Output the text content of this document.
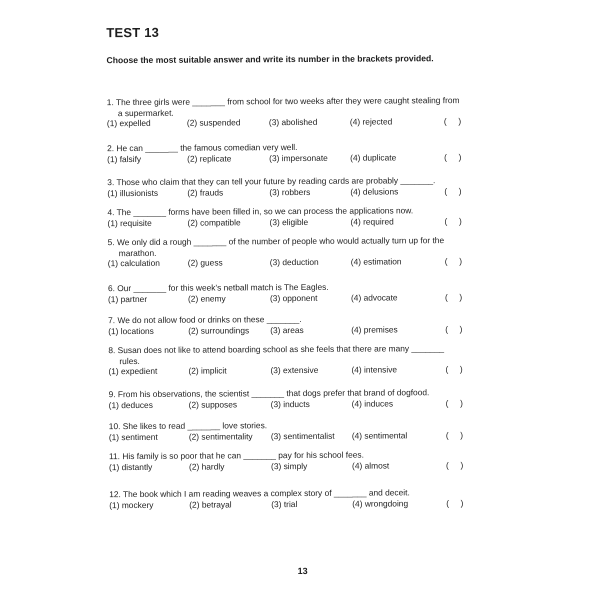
TEST 13
Choose the most suitable answer and write its number in the brackets provided.
1. The three girls were _______ from school for two weeks after they were caught stealing from
a supermarket.
(1) expelled	(2) suspended	(3) abolished	(4) rejected	(     )
2. He can _______ the famous comedian very well.
(1) falsify	(2) replicate	(3) impersonate	(4) duplicate	(     )
3. Those who claim that they can tell your future by reading cards are probably _______.
(1) illusionists	(2) frauds	(3) robbers	(4) delusions	(     )
4. The _______ forms have been filled in, so we can process the applications now.
(1) requisite	(2) compatible	(3) eligible	(4) required	(     )
5. We only did a rough _______ of the number of people who would actually turn up for the
marathon.
(1) calculation	(2) guess	(3) deduction	(4) estimation	(     )
6. Our _______ for this week's netball match is The Eagles.
(1) partner	(2) enemy	(3) opponent	(4) advocate	(     )
7. We do not allow food or drinks on these _______.
(1) locations	(2) surroundings (3) areas	(4) premises	(     )
8. Susan does not like to attend boarding school as she feels that there are many _______
rules.
(1) expedient	(2) implicit	(3) extensive	(4) intensive	(     )
9. From his observations, the scientist _______ that dogs prefer that brand of dogfood.
(1) deduces	(2) supposes	(3) inducts	(4) induces	(     )
10. She likes to read _______ love stories.
(1) sentiment	(2) sentimentality (3) sentimentalist (4) sentimental	(     )
11. His family is so poor that he can _______ pay for his school fees.
(1) distantly	(2) hardly	(3) simply	(4) almost	(     )
12. The book which I am reading weaves a complex story of _______ and deceit.
(1) mockery	(2) betrayal	(3) trial	(4) wrongdoing	(     )
13
